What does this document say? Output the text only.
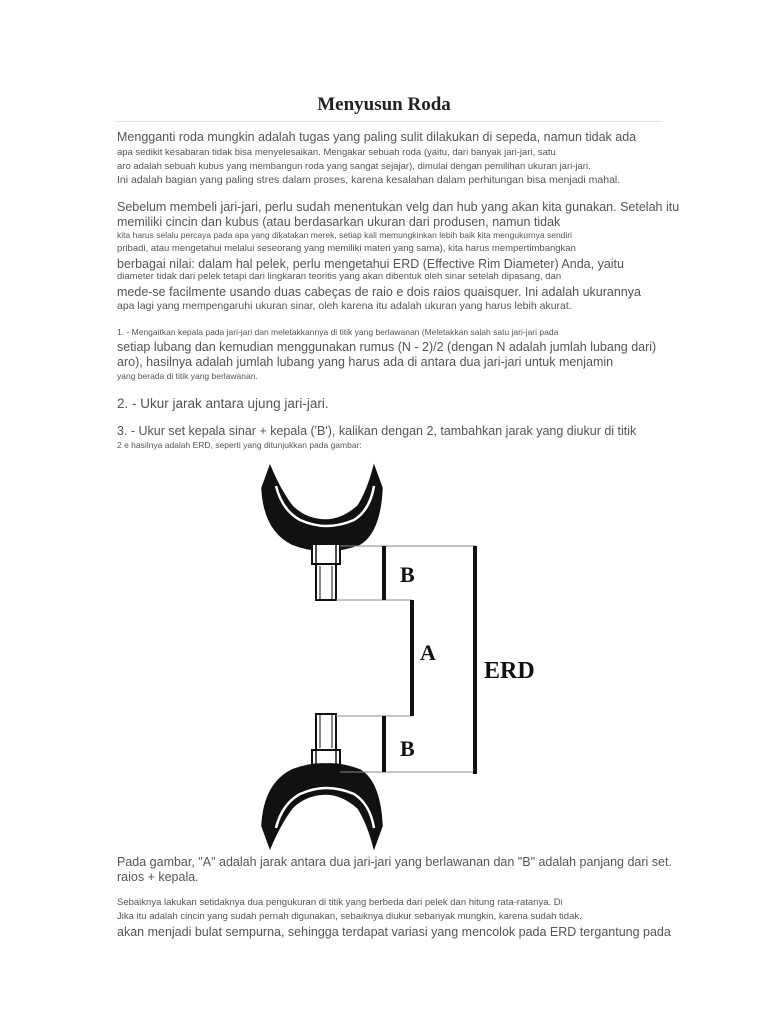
Menyusun Roda

Mengganti roda mungkin adalah tugas yang paling sulit dilakukan di sepeda, namun tidak ada

apa sedikit kesabaran tidak bisa menyelesaikan. Mengakar sebuah roda (yaitu, dari banyak jari-jari, satu

aro adalah sebuah kubus yang membangun roda yang sangat sejajar), dimulai dengan pemilihan ukuran jari-jari.

Ini adalah bagian yang paling stres dalam proses, karena kesalahan dalam perhitungan bisa menjadi mahal.

Sebelum membeli jari-jari, perlu sudah menentukan velg dan hub yang akan kita gunakan. Setelah itu

memiliki cincin dan kubus (atau berdasarkan ukuran dari produsen, namun tidak

kita harus selalu percaya pada apa yang dikatakan merek, setiap kali memungkinkan lebih baik kita mengukurnya sendiri

pribadi, atau mengetahui melalui seseorang yang memiliki materi yang sama), kita harus mempertimbangkan

berbagai nilai: dalam hal pelek, perlu mengetahui ERD (Effective Rim Diameter) Anda, yaitu

diameter tidak dari pelek tetapi dari lingkaran teoritis yang akan dibentuk oleh sinar setelah dipasang, dan

mede-se facilmente usando duas cabeças de raio e dois raios quaisquer. Ini adalah ukurannya

apa lagi yang mempengaruhi ukuran sinar, oleh karena itu adalah ukuran yang harus lebih akurat.

1. - Mengaitkan kepala pada jari-jari dan meletakkannya di titik yang berlawanan (Meletakkan salah satu jari-jari pada

setiap lubang dan kemudian menggunakan rumus (N - 2)/2 (dengan N adalah jumlah lubang dari)

aro), hasilnya adalah jumlah lubang yang harus ada di antara dua jari-jari untuk menjamin

yang berada di titik yang berlawanan.

2. - Ukur jarak antara ujung jari-jari.

3. - Ukur set kepala sinar + kepala ('B'), kalikan dengan 2, tambahkan jarak yang diukur di titik

2 e hasilnya adalah ERD, seperti yang ditunjukkan pada gambar:

B
A
B
ERD

Pada gambar, "A" adalah jarak antara dua jari-jari yang berlawanan dan "B" adalah panjang dari set.

raios + kepala.

Sebaiknya lakukan setidaknya dua pengukuran di titik yang berbeda dari pelek dan hitung rata-ratanya. Di

Jika itu adalah cincin yang sudah pernah digunakan, sebaiknya diukur sebanyak mungkin, karena sudah tidak.

akan menjadi bulat sempurna, sehingga terdapat variasi yang mencolok pada ERD tergantung pada
